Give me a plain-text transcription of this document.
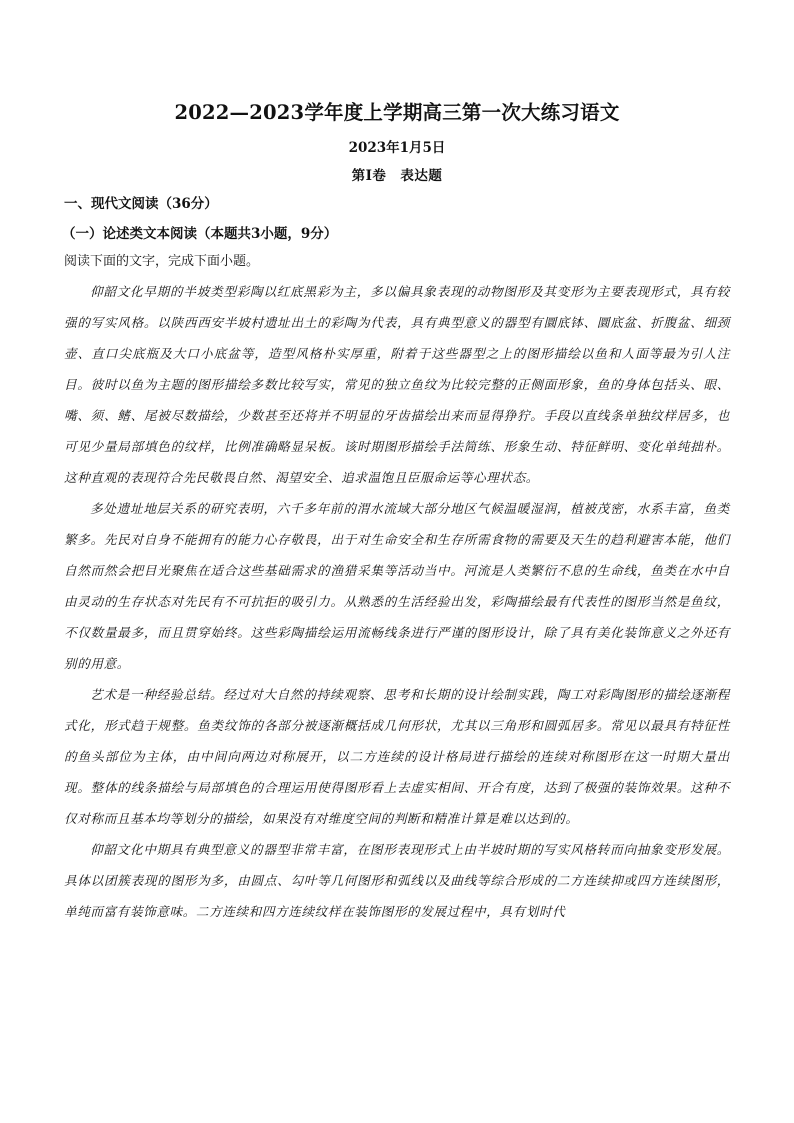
2022—2023学年度上学期高三第一次大练习语文
2023年1月5日
第Ⅰ卷 表达题
一、现代文阅读（36分）
（一）论述类文本阅读（本题共3小题，9分）
阅读下面的文字，完成下面小题。

仰韶文化早期的半坡类型彩陶以红底黑彩为主，多以偏具象表现的动物图形及其变形为主要表现形式，具有较强的写实风格。以陕西西安半坡村遗址出土的彩陶为代表，具有典型意义的器型有圜底钵、圜底盆、折腹盆、细颈壶、直口尖底瓶及大口小底盆等，造型风格朴实厚重，附着于这些器型之上的图形描绘以鱼和人面等最为引人注目。彼时以鱼为主题的图形描绘多数比较写实，常见的独立鱼纹为比较完整的正侧面形象，鱼的身体包括头、眼、嘴、须、鳍、尾被尽数描绘，少数甚至还将并不明显的牙齿描绘出来而显得狰狞。手段以直线条单独纹样居多，也可见少量局部填色的纹样，比例准确略显呆板。该时期图形描绘手法简练、形象生动、特征鲜明、变化单纯拙朴。这种直观的表现符合先民敬畏自然、渴望安全、追求温饱且臣服命运等心理状态。

多处遗址地层关系的研究表明，六千多年前的渭水流域大部分地区气候温暖湿润，植被茂密，水系丰富，鱼类繁多。先民对自身不能拥有的能力心存敬畏，出于对生命安全和生存所需食物的需要及天生的趋利避害本能，他们自然而然会把目光聚焦在适合这些基础需求的渔猎采集等活动当中。河流是人类繁衍不息的生命线，鱼类在水中自由灵动的生存状态对先民有不可抗拒的吸引力。从熟悉的生活经验出发，彩陶描绘最有代表性的图形当然是鱼纹，不仅数量最多，而且贯穿始终。这些彩陶描绘运用流畅线条进行严谨的图形设计，除了具有美化装饰意义之外还有别的用意。

艺术是一种经验总结。经过对大自然的持续观察、思考和长期的设计绘制实践，陶工对彩陶图形的描绘逐渐程式化，形式趋于规整。鱼类纹饰的各部分被逐渐概括成几何形状，尤其以三角形和圆弧居多。常见以最具有特征性的鱼头部位为主体，由中间向两边对称展开，以二方连续的设计格局进行描绘的连续对称图形在这一时期大量出现。整体的线条描绘与局部填色的合理运用使得图形看上去虚实相间、开合有度，达到了极强的装饰效果。这种不仅对称而且基本均等划分的描绘，如果没有对维度空间的判断和精准计算是难以达到的。

仰韶文化中期具有典型意义的器型非常丰富，在图形表现形式上由半坡时期的写实风格转而向抽象变形发展。具体以团簇表现的图形为多，由圆点、勾叶等几何图形和弧线以及曲线等综合形成的二方连续抑或四方连续图形，单纯而富有装饰意味。二方连续和四方连续纹样在装饰图形的发展过程中，具有划时代
